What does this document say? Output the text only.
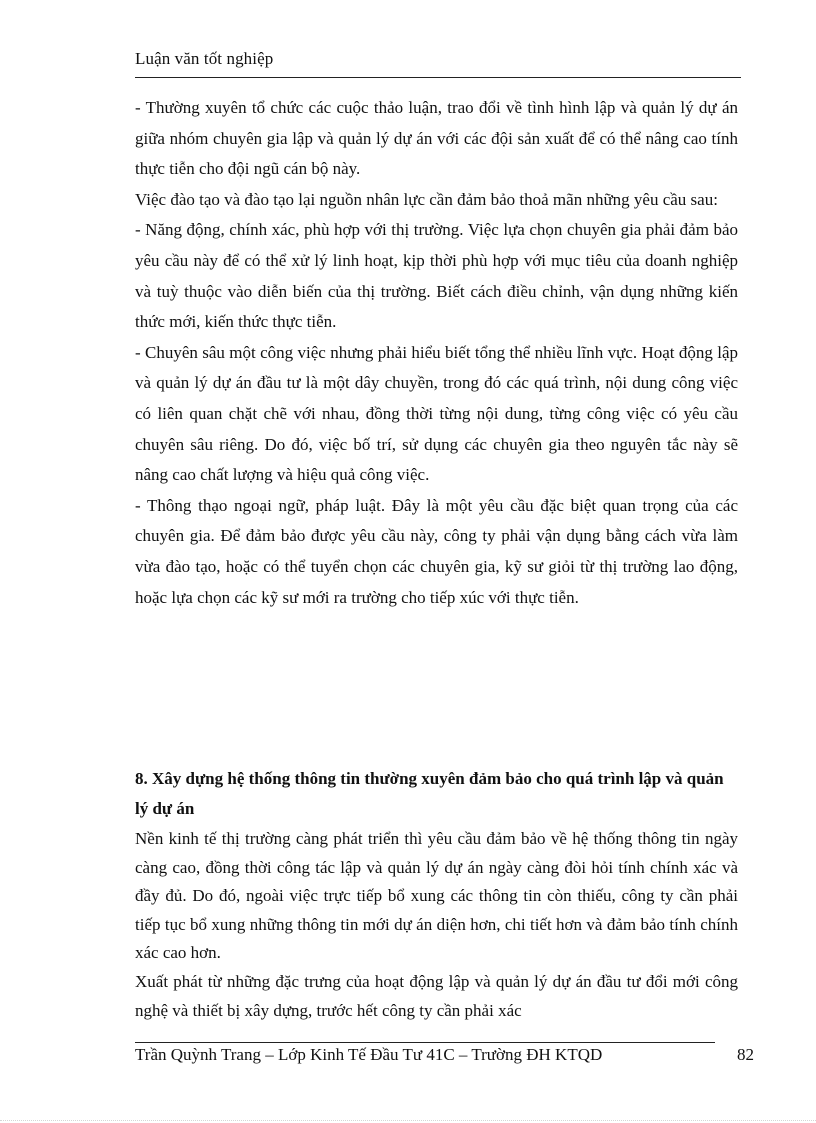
Luận văn tốt nghiệp

- Thường xuyên tổ chức các cuộc thảo luận, trao đổi về tình hình lập và quản lý dự án giữa nhóm chuyên gia lập và quản lý dự án với các đội sản xuất để có thể nâng cao tính thực tiễn cho đội ngũ cán bộ này.

Việc đào tạo và đào tạo lại nguồn nhân lực cần đảm bảo thoả mãn những yêu cầu sau:

- Năng động, chính xác, phù hợp với thị trường. Việc lựa chọn chuyên gia phải đảm bảo yêu cầu này để có thể xử lý linh hoạt, kịp thời phù hợp với mục tiêu của doanh nghiệp và tuỳ thuộc vào diễn biến của thị trường. Biết cách điều chỉnh, vận dụng những kiến thức mới, kiến thức thực tiễn.

- Chuyên sâu một công việc nhưng phải hiểu biết tổng thể nhiều lĩnh vực. Hoạt động lập và quản lý dự án đầu tư là một dây chuyền, trong đó các quá trình, nội dung công việc có liên quan chặt chẽ với nhau, đồng thời từng nội dung, từng công việc có yêu cầu chuyên sâu riêng. Do đó, việc bố trí, sử dụng các chuyên gia theo nguyên tắc này sẽ nâng cao chất lượng và hiệu quả công việc.

- Thông thạo ngoại ngữ, pháp luật. Đây là một yêu cầu đặc biệt quan trọng của các chuyên gia. Để đảm bảo được yêu cầu này, công ty phải vận dụng bằng cách vừa làm vừa đào tạo, hoặc có thể tuyển chọn các chuyên gia, kỹ sư giỏi từ thị trường lao động, hoặc lựa chọn các kỹ sư mới ra trường cho tiếp xúc với thực tiễn.

8. Xây dựng hệ thống thông tin thường xuyên đảm bảo cho quá trình lập và quản lý dự án

Nền kinh tế thị trường càng phát triển thì yêu cầu đảm bảo về hệ thống thông tin ngày càng cao, đồng thời công tác lập và quản lý dự án ngày càng đòi hỏi tính chính xác và đầy đủ. Do đó, ngoài việc trực tiếp bổ xung các thông tin còn thiếu, công ty cần phải tiếp tục bổ xung những thông tin mới dự án diện hơn, chi tiết hơn và đảm bảo tính chính xác cao hơn.

Xuất phát từ những đặc trưng của hoạt động lập và quản lý dự án đầu tư đổi mới công nghệ và thiết bị xây dựng, trước hết công ty cần phải xác

Trần Quỳnh Trang – Lớp Kinh Tế Đầu Tư 41C – Trường ĐH KTQD	82
